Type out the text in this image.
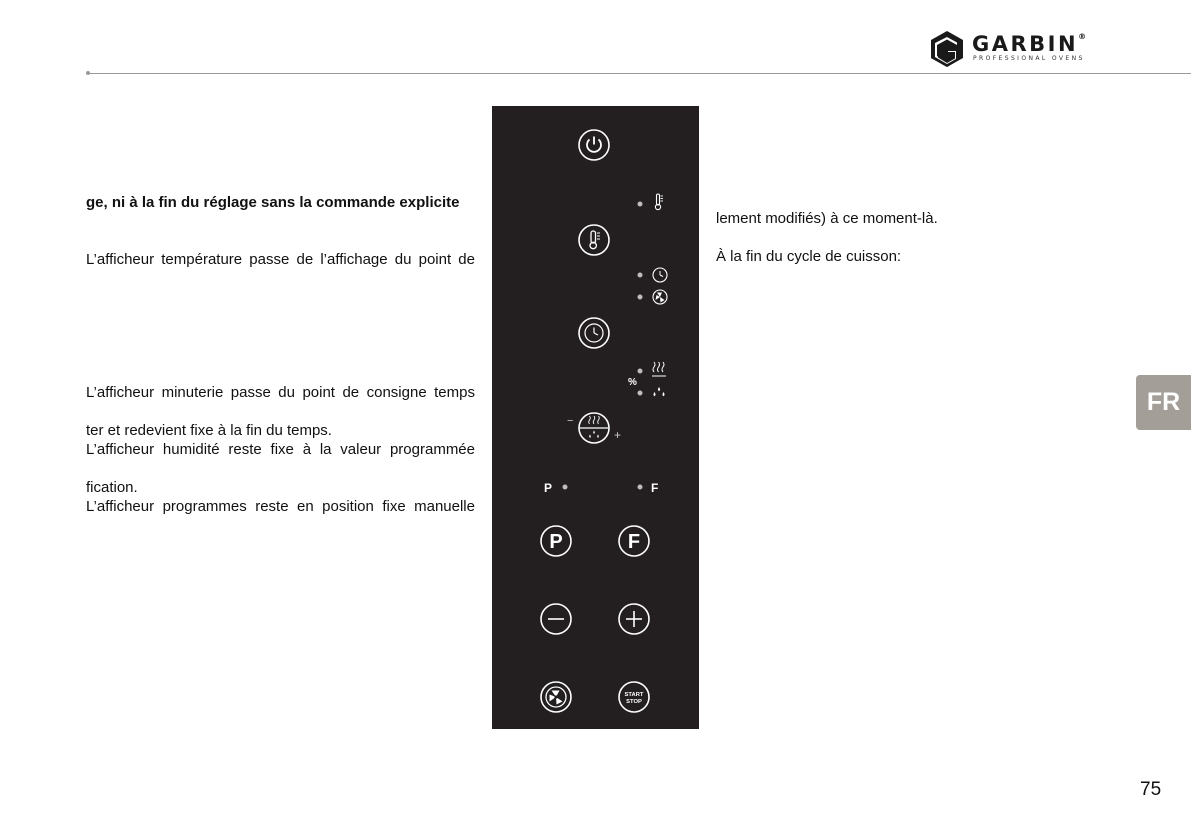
GARBIN®
PROFESSIONAL OVENS
ge, ni à la fin du réglage sans la commande explicite
L’afficheur température passe de l’affichage du point de
L’afficheur minuterie passe du point de consigne temps
ter et redevient fixe à la fin du temps.
L’afficheur humidité reste fixe à la valeur programmée
fication.
L’afficheur programmes reste en position fixe manuelle
lement modifiés) à ce moment-là.
À la fin du cycle de cuisson:
%
−
+
P	F
P	F
START
STOP
FR
75
